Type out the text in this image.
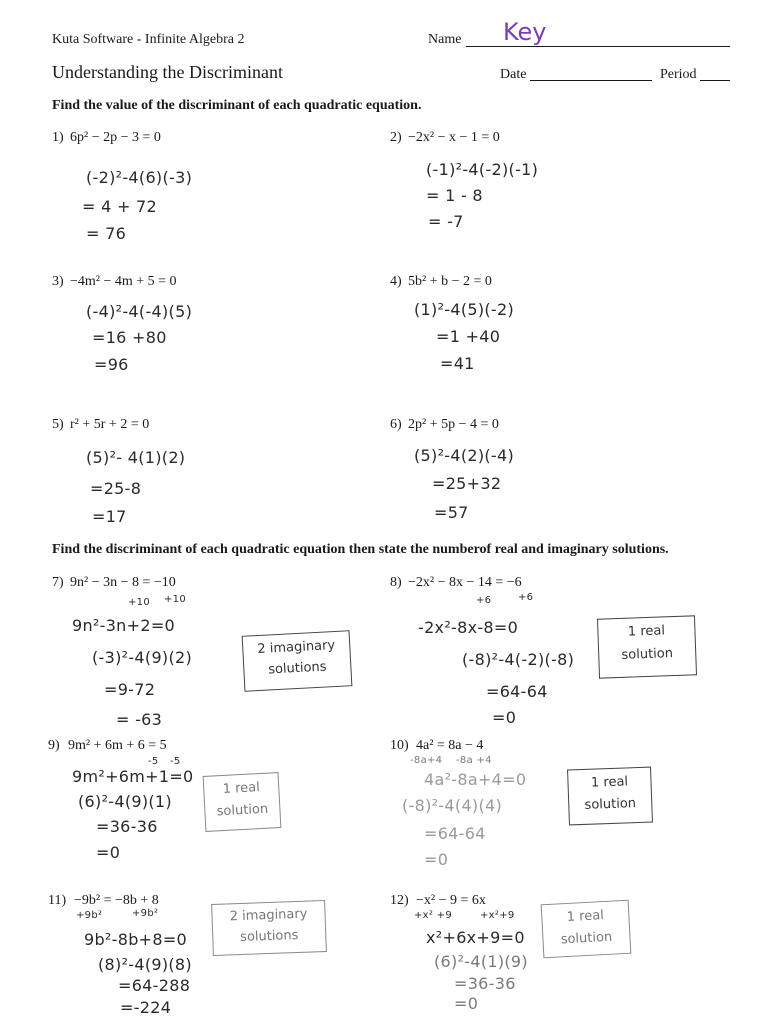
Kuta Software - Infinite Algebra 2
Understanding the Discriminant
Name Key
Date	Period
Find the value of the discriminant of each quadratic equation.
1) 6p² − 2p − 3 = 0
(-2)²-4(6)(-3)
= 4 + 72
= 76
2) −2x² − x − 1 = 0
(-1)²-4(-2)(-1)
= 1 - 8
= -7
3) −4m² − 4m + 5 = 0
(-4)²-4(-4)(5)
=16 +80
=96
4) 5b² + b − 2 = 0
(1)²-4(5)(-2)
=1 +40
=41
5) r² + 5r + 2 = 0
(5)²- 4(1)(2)
=25-8
=17
6) 2p² + 5p − 4 = 0
(5)²-4(2)(-4)
=25+32
=57
Find the discriminant of each quadratic equation then state the numberof real and imaginary solutions.
7) 9n² − 3n − 8 = −10
+10 +10
9n²-3n+2=0
(-3)²-4(9)(2)
=9-72
= -63
2 imaginary
solutions
8) −2x² − 8x − 14 = −6
+6	+6
-2x²-8x-8=0
(-8)²-4(-2)(-8)
=64-64
=0
1 real
solution
9) 9m² + 6m + 6 = 5
-5 -5
9m²+6m+1=0
(6)²-4(9)(1)
=36-36
=0
1 real
solution
10) 4a² = 8a − 4
-8a+4 -8a +4
4a²-8a+4=0
(-8)²-4(4)(4)
=64-64
=0
1 real
solution
11) −9b² = −8b + 8
+9b²	+9b²
9b²-8b+8=0
(8)²-4(9)(8)
=64-288
=-224
2 imaginary
solutions
12) −x² − 9 = 6x
+x² +9	+x²+9
x²+6x+9=0
(6)²-4(1)(9)
=36-36
=0
1 real
solution
